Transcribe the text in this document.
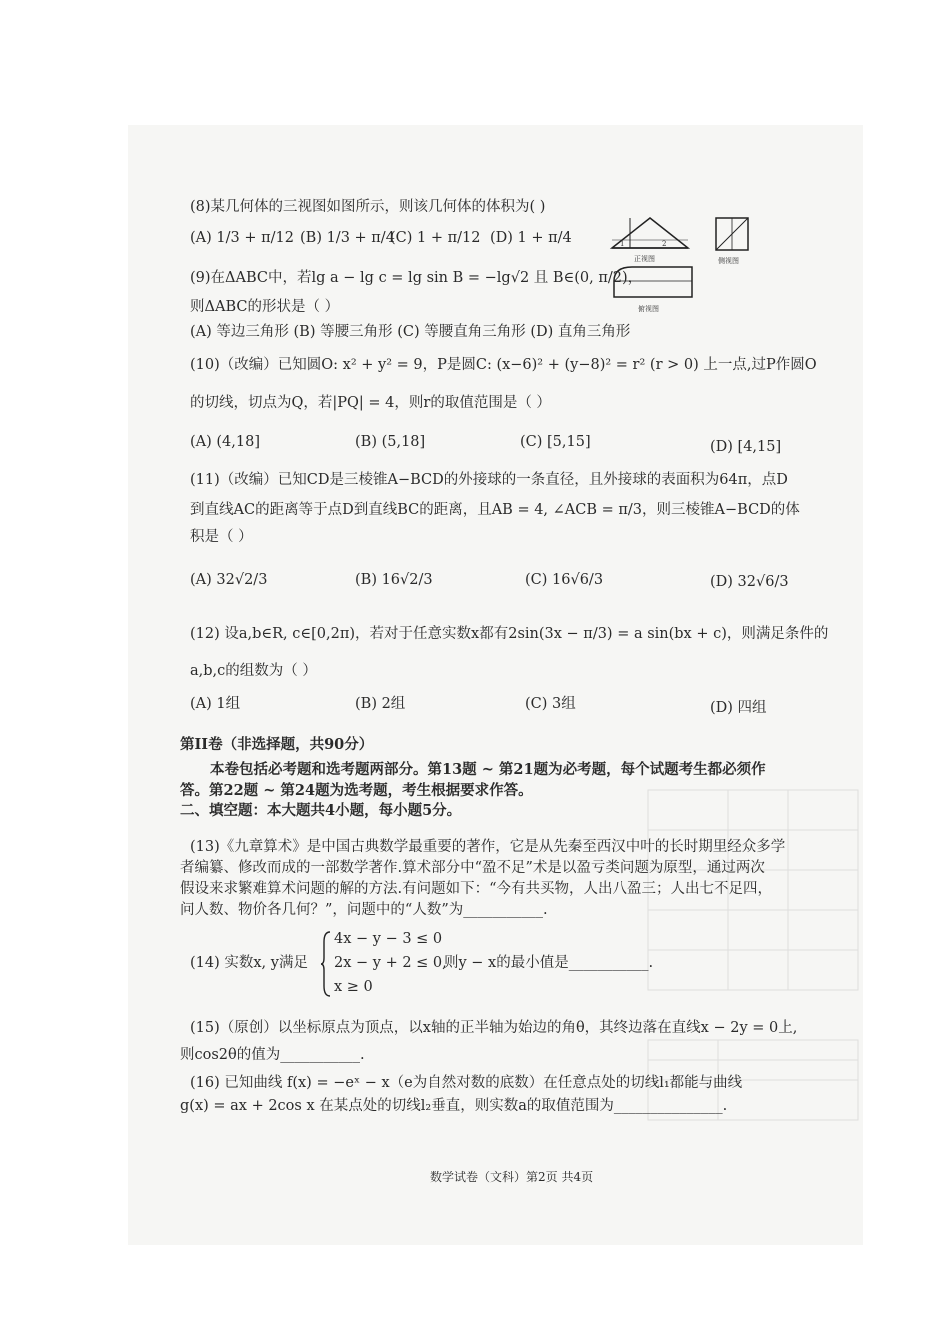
(8)某几何体的三视图如图所示，则该几何体的体积为( )
(A) 1/3 + π/12 (B) 1/3 + π/4
(C) 1 + π/12 (D) 1 + π/4	1	2
正视图	侧视图
俯视图
(9)在ΔABC中，若lg a − lg c = lg sin B = −lg√2 且 B∈(0, π/2)，
则ΔABC的形状是（ ）
(A) 等边三角形 (B) 等腰三角形 (C) 等腰直角三角形 (D) 直角三角形
(10)（改编）已知圆O: x² + y² = 9，P是圆C: (x−6)² + (y−8)² = r² (r > 0) 上一点,过P作圆O
的切线，切点为Q，若|PQ| = 4，则r的取值范围是（ ）
(A) (4,18]	(B) (5,18]	(C) [5,15]	(D) [4,15]
(11)（改编）已知CD是三棱锥A−BCD的外接球的一条直径，且外接球的表面积为64π，点D
到直线AC的距离等于点D到直线BC的距离，且AB = 4, ∠ACB = π/3，则三棱锥A−BCD的体
积是（ ）
(A) 32√2/3	(B) 16√2/3	(C) 16√6/3	(D) 32√6/3
(12) 设a,b∈R, c∈[0,2π)，若对于任意实数x都有2sin(3x − π/3) = a sin(bx + c)，则满足条件的
a,b,c的组数为（ ）
(A) 1组	(B) 2组	(C) 3组	(D) 四组
第II卷（非选择题，共90分）
本卷包括必考题和选考题两部分。第13题 ~ 第21题为必考题，每个试题考生都必须作
答。第22题 ~ 第24题为选考题，考生根据要求作答。
二、填空题：本大题共4小题，每小题5分。
(13)《九章算术》是中国古典数学最重要的著作，它是从先秦至西汉中叶的长时期里经众多学
者编纂、修改而成的一部数学著作.算术部分中“盈不足”术是以盈亏类问题为原型，通过两次
假设来求繁难算术问题的解的方法.有问题如下：“今有共买物，人出八盈三；人出七不足四，
问人数、物价各几何？”，问题中的“人数”为___________.
(14) 实数x, y满足
4x − y − 3 ≤ 0
2x − y + 2 ≤ 0,
x ≥ 0
则y − x的最小值是___________.
(15)（原创）以坐标原点为顶点，以x轴的正半轴为始边的角θ，其终边落在直线x − 2y = 0上,
则cos2θ的值为___________.
(16) 已知曲线 f(x) = −eˣ − x（e为自然对数的底数）在任意点处的切线l₁都能与曲线
g(x) = ax + 2cos x 在某点处的切线l₂垂直，则实数a的取值范围为_______________.
数学试卷（文科）第2页 共4页
